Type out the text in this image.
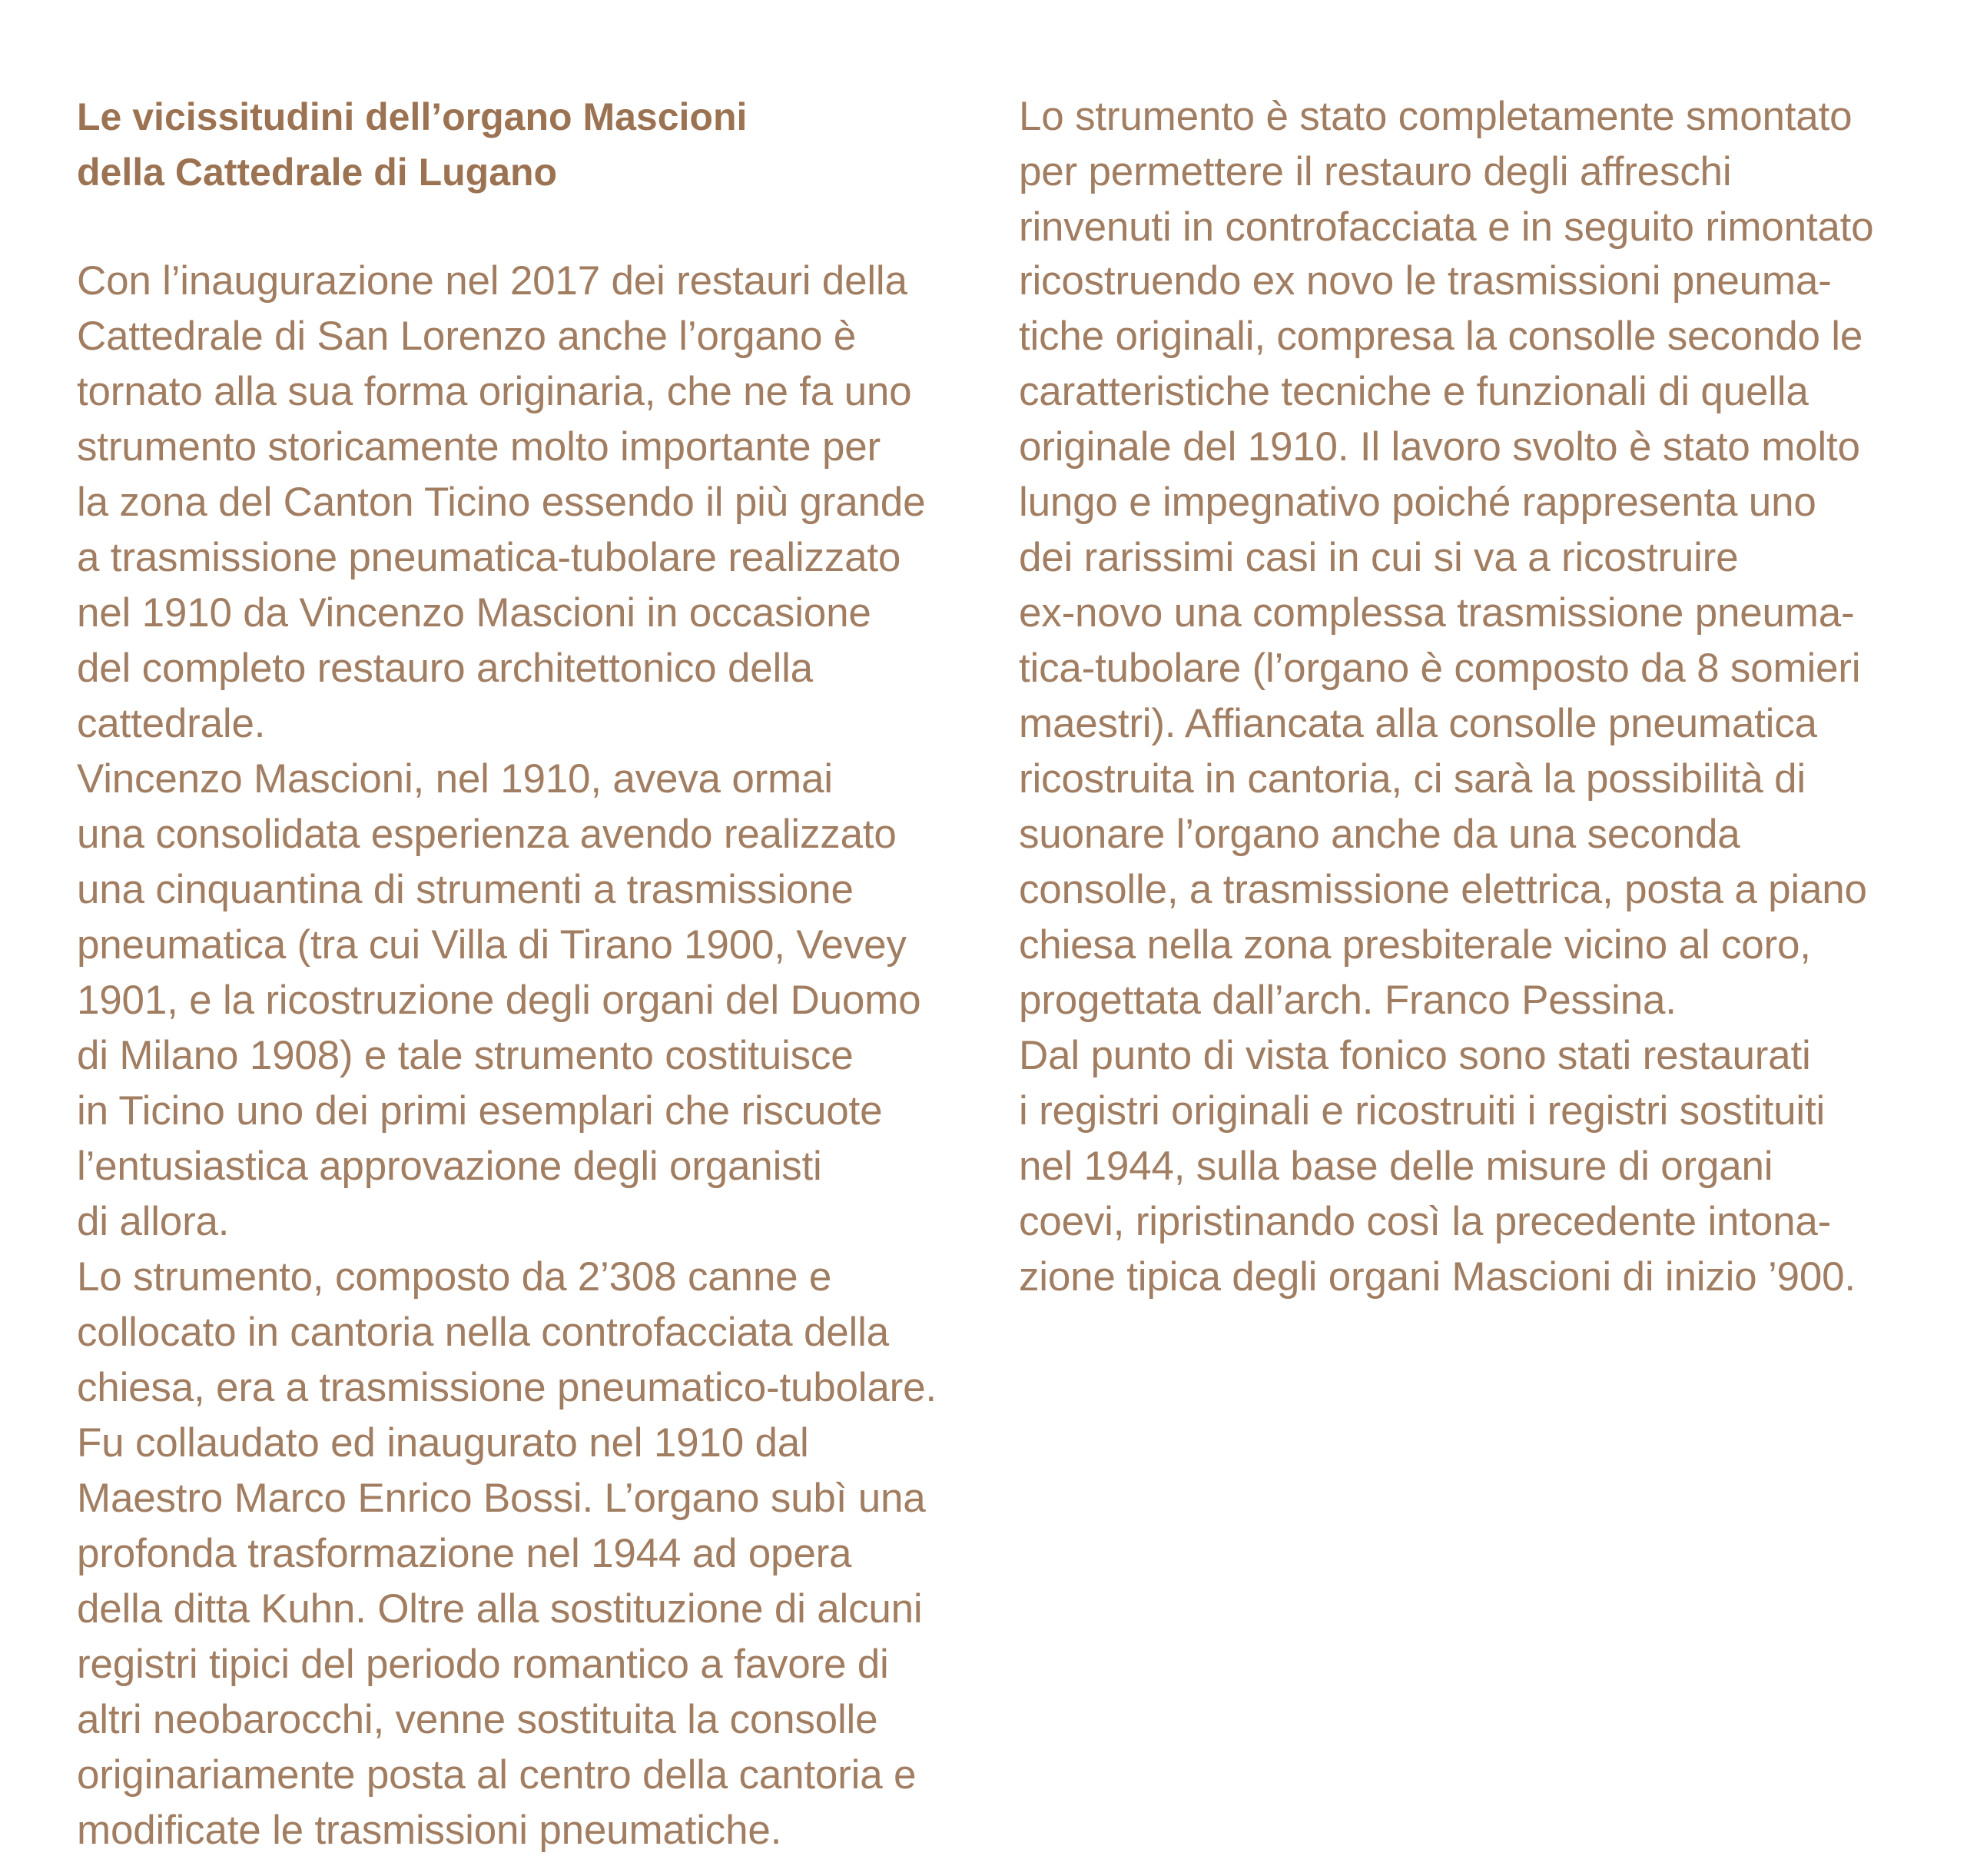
Le vicissitudini dell’organo Mascioni
della Cattedrale di Lugano
Con l’inaugurazione nel 2017 dei restauri della
Cattedrale di San Lorenzo anche l’organo è
tornato alla sua forma originaria, che ne fa uno
strumento storicamente molto importante per
la zona del Canton Ticino essendo il più grande
a trasmissione pneumatica-tubolare realizzato
nel 1910 da Vincenzo Mascioni in occasione
del completo restauro architettonico della
cattedrale.
Vincenzo Mascioni, nel 1910, aveva ormai
una consolidata esperienza avendo realizzato
una cinquantina di strumenti a trasmissione
pneumatica (tra cui Villa di Tirano 1900, Vevey
1901, e la ricostruzione degli organi del Duomo
di Milano 1908) e tale strumento costituisce
in Ticino uno dei primi esemplari che riscuote
l’entusiastica approvazione degli organisti
di allora.
Lo strumento, composto da 2’308 canne e
collocato in cantoria nella controfacciata della
chiesa, era a trasmissione pneumatico-tubolare.
Fu collaudato ed inaugurato nel 1910 dal
Maestro Marco Enrico Bossi. L’organo subì una
profonda trasformazione nel 1944 ad opera
della ditta Kuhn. Oltre alla sostituzione di alcuni
registri tipici del periodo romantico a favore di
altri neobarocchi, venne sostituita la consolle
originariamente posta al centro della cantoria e
modificate le trasmissioni pneumatiche.
Lo strumento è stato completamente smontato
per permettere il restauro degli affreschi
rinvenuti in controfacciata e in seguito rimontato
ricostruendo ex novo le trasmissioni pneuma-
tiche originali, compresa la consolle secondo le
caratteristiche tecniche e funzionali di quella
originale del 1910. Il lavoro svolto è stato molto
lungo e impegnativo poiché rappresenta uno
dei rarissimi casi in cui si va a ricostruire
ex-novo una complessa trasmissione pneuma-
tica-tubolare (l’organo è composto da 8 somieri
maestri). Affiancata alla consolle pneumatica
ricostruita in cantoria, ci sarà la possibilità di
suonare l’organo anche da una seconda
consolle, a trasmissione elettrica, posta a piano
chiesa nella zona presbiterale vicino al coro,
progettata dall’arch. Franco Pessina.
Dal punto di vista fonico sono stati restaurati
i registri originali e ricostruiti i registri sostituiti
nel 1944, sulla base delle misure di organi
coevi, ripristinando così la precedente intona-
zione tipica degli organi Mascioni di inizio ’900.
